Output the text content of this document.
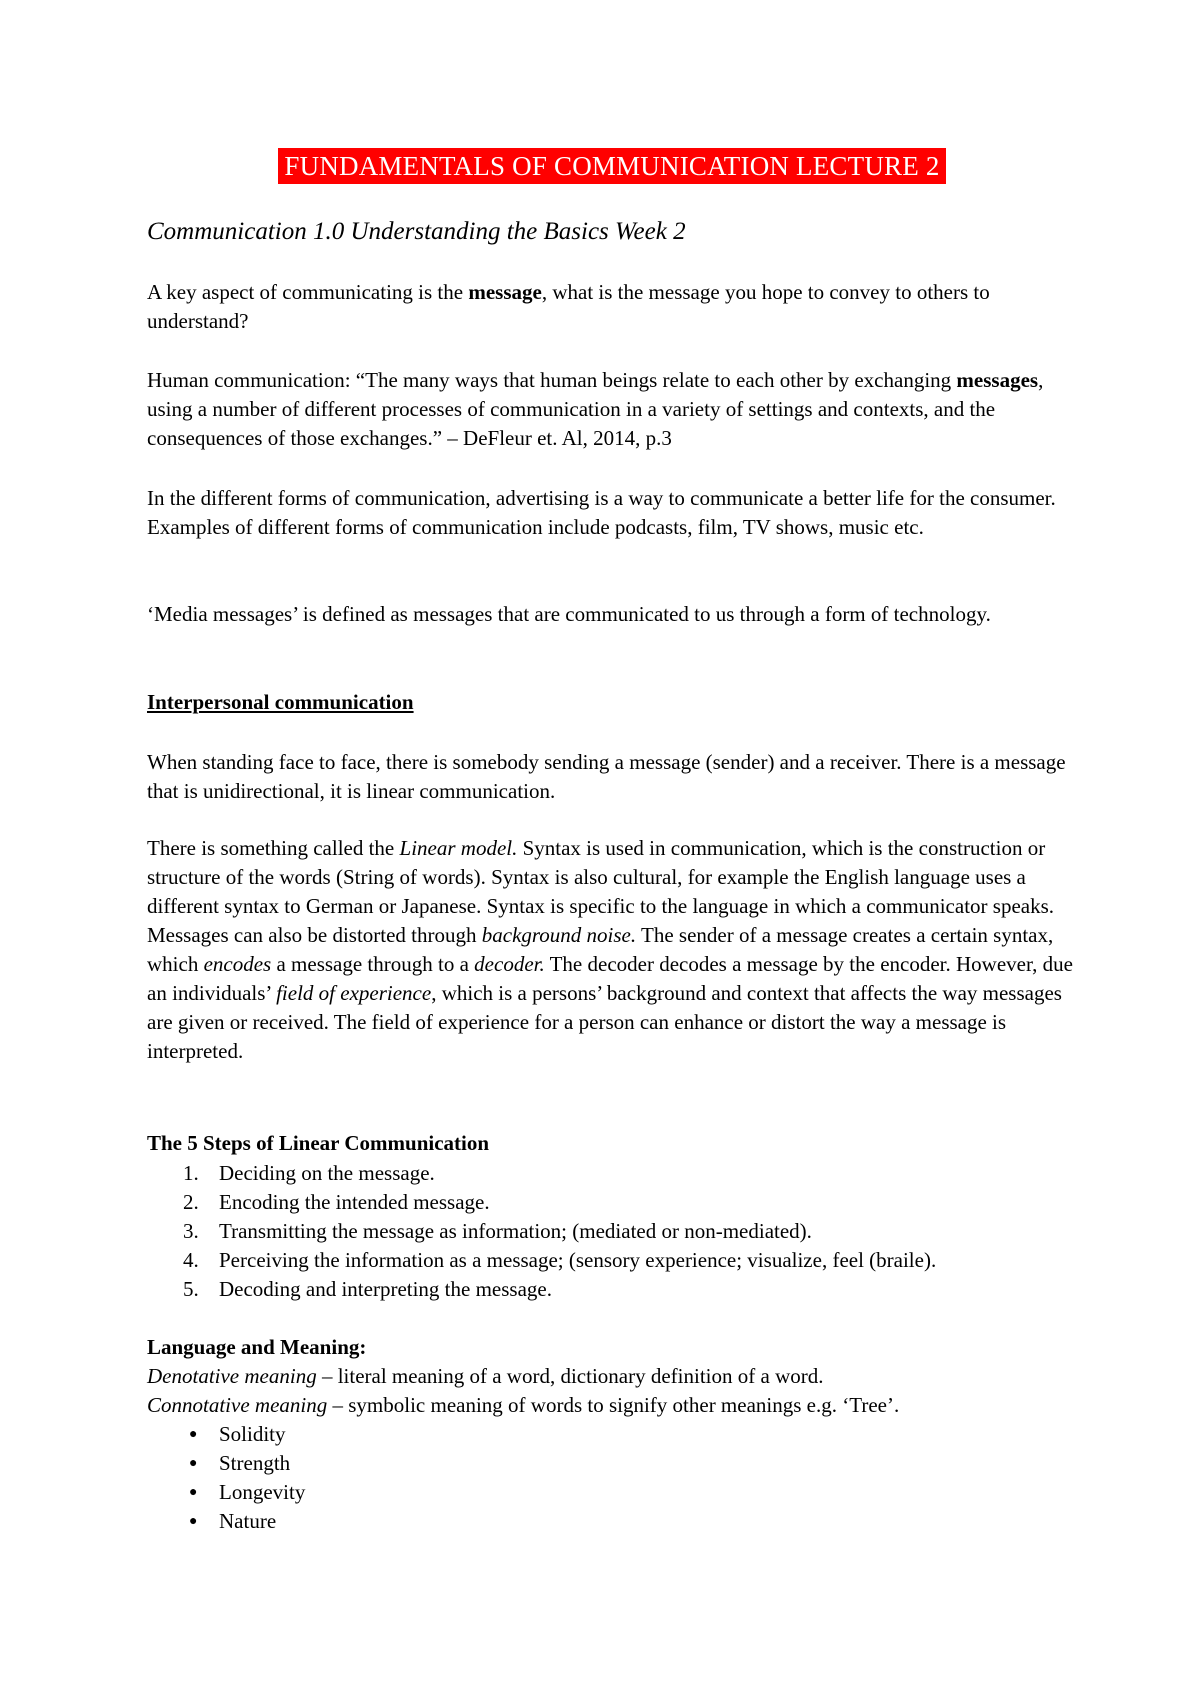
FUNDAMENTALS OF COMMUNICATION LECTURE 2
Communication 1.0 Understanding the Basics Week 2

A key aspect of communicating is the message, what is the message you hope to convey to others to understand?

Human communication: “The many ways that human beings relate to each other by exchanging messages, using a number of different processes of communication in a variety of settings and contexts, and the consequences of those exchanges.” – DeFleur et. Al, 2014, p.3

In the different forms of communication, advertising is a way to communicate a better life for the consumer. Examples of different forms of communication include podcasts, film, TV shows, music etc.

‘Media messages’ is defined as messages that are communicated to us through a form of technology.

Interpersonal communication

When standing face to face, there is somebody sending a message (sender) and a receiver. There is a message that is unidirectional, it is linear communication.

There is something called the Linear model. Syntax is used in communication, which is the construction or structure of the words (String of words). Syntax is also cultural, for example the English language uses a different syntax to German or Japanese. Syntax is specific to the language in which a communicator speaks. Messages can also be distorted through background noise. The sender of a message creates a certain syntax, which encodes a message through to a decoder. The decoder decodes a message by the encoder. However, due an individuals’ field of experience, which is a persons’ background and context that affects the way messages are given or received. The field of experience for a person can enhance or distort the way a message is interpreted.

The 5 Steps of Linear Communication
1. Deciding on the message.
2. Encoding the intended message.
3. Transmitting the message as information; (mediated or non-mediated).
4. Perceiving the information as a message; (sensory experience; visualize, feel (braile).
5. Decoding and interpreting the message.
Language and Meaning:
Denotative meaning – literal meaning of a word, dictionary definition of a word.
Connotative meaning – symbolic meaning of words to signify other meanings e.g. ‘Tree’.
● Solidity
● Strength
● Longevity
● Nature
